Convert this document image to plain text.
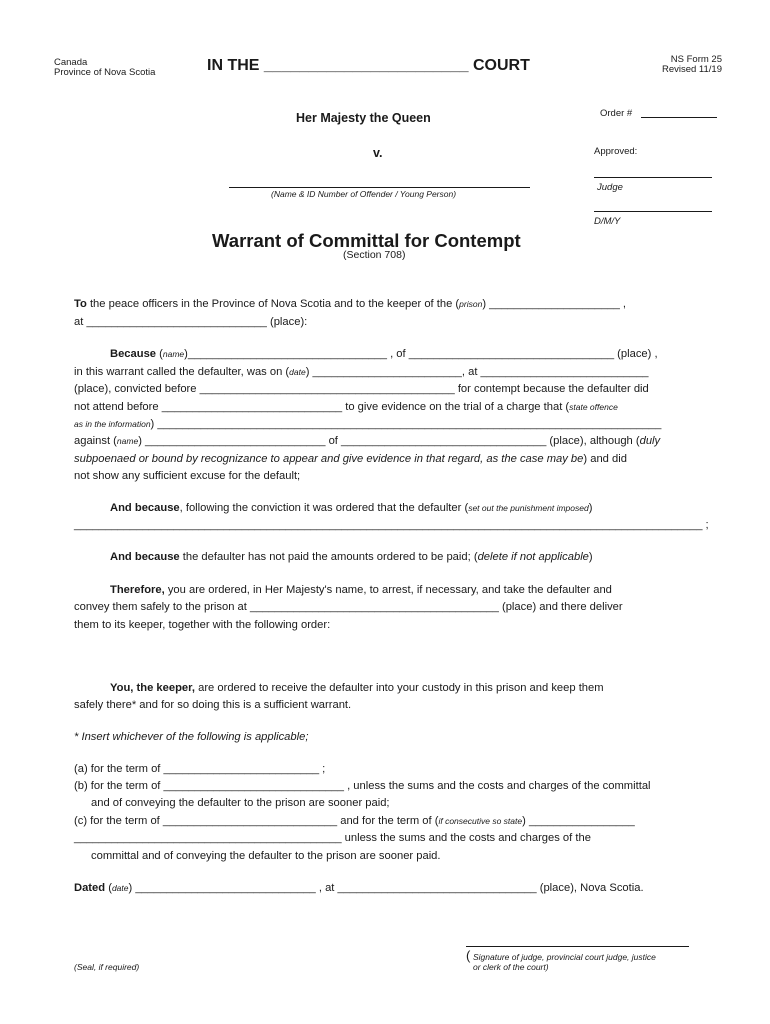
Canada
Province of Nova Scotia	IN THE _______________________ COURT	NS Form 25
Revised 11/19
Order #
Approved:
Judge
D/M/Y
Her Majesty the Queen
v.
(Name & ID Number of Offender / Young Person)
Warrant of Committal for Contempt
(Section 708)
To the peace officers in the Province of Nova Scotia and to the keeper of the (prison) _____________________ ,
at _____________________________ (place):
Because (name)________________________________ , of _________________________________ (place) ,
in this warrant called the defaulter, was on (date) ________________________, at ___________________________
(place), convicted before _________________________________________ for contempt because the defaulter did
not attend before _____________________________ to give evidence on the trial of a charge that (state offence
as in the information) _________________________________________________________________________________
against (name) _____________________________ of _________________________________ (place), although (duly
subpoenaed or bound by recognizance to appear and give evidence in that regard, as the case may be) and did
not show any sufficient excuse for the default;
And because, following the conviction it was ordered that the defaulter (set out the punishment imposed)
_____________________________________________________________________________________________________ ;
And because the defaulter has not paid the amounts ordered to be paid; (delete if not applicable)
Therefore, you are ordered, in Her Majesty's name, to arrest, if necessary, and take the defaulter and
convey them safely to the prison at ________________________________________ (place) and there deliver
them to its keeper, together with the following order:
You, the keeper, are ordered to receive the defaulter into your custody in this prison and keep them
safely there* and for so doing this is a sufficient warrant.
* Insert whichever of the following is applicable;
(a) for the term of _________________________ ;
(b) for the term of _____________________________ , unless the sums and the costs and charges of the committal
and of conveying the defaulter to the prison are sooner paid;
(c) for the term of ____________________________ and for the term of (if consecutive so state) _________________
___________________________________________ unless the sums and the costs and charges of the
committal and of conveying the defaulter to the prison are sooner paid.
Dated (date) _____________________________ , at ________________________________ (place), Nova Scotia.
( Signature of judge, provincial court judge, justice
or clerk of the court)
(Seal, if required)
